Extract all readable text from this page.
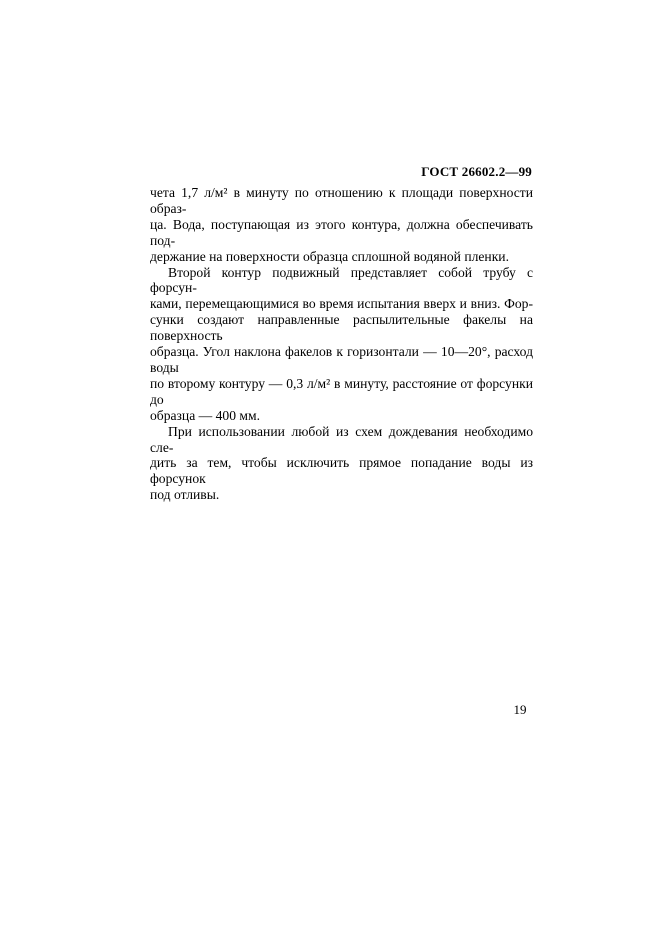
ГОСТ 26602.2—99
чета 1,7 л/м² в минуту по отношению к площади поверхности образ-
ца. Вода, поступающая из этого контура, должна обеспечивать под-
держание на поверхности образца сплошной водяной пленки.
Второй контур подвижный представляет собой трубу с форсун-
ками, перемещающимися во время испытания вверх и вниз. Фор-
сунки создают направленные распылительные факелы на поверхность
образца. Угол наклона факелов к горизонтали — 10—20°, расход воды
по второму контуру — 0,3 л/м² в минуту, расстояние от форсунки до
образца — 400 мм.
При использовании любой из схем дождевания необходимо сле-
дить за тем, чтобы исключить прямое попадание воды из форсунок
под отливы.
19
